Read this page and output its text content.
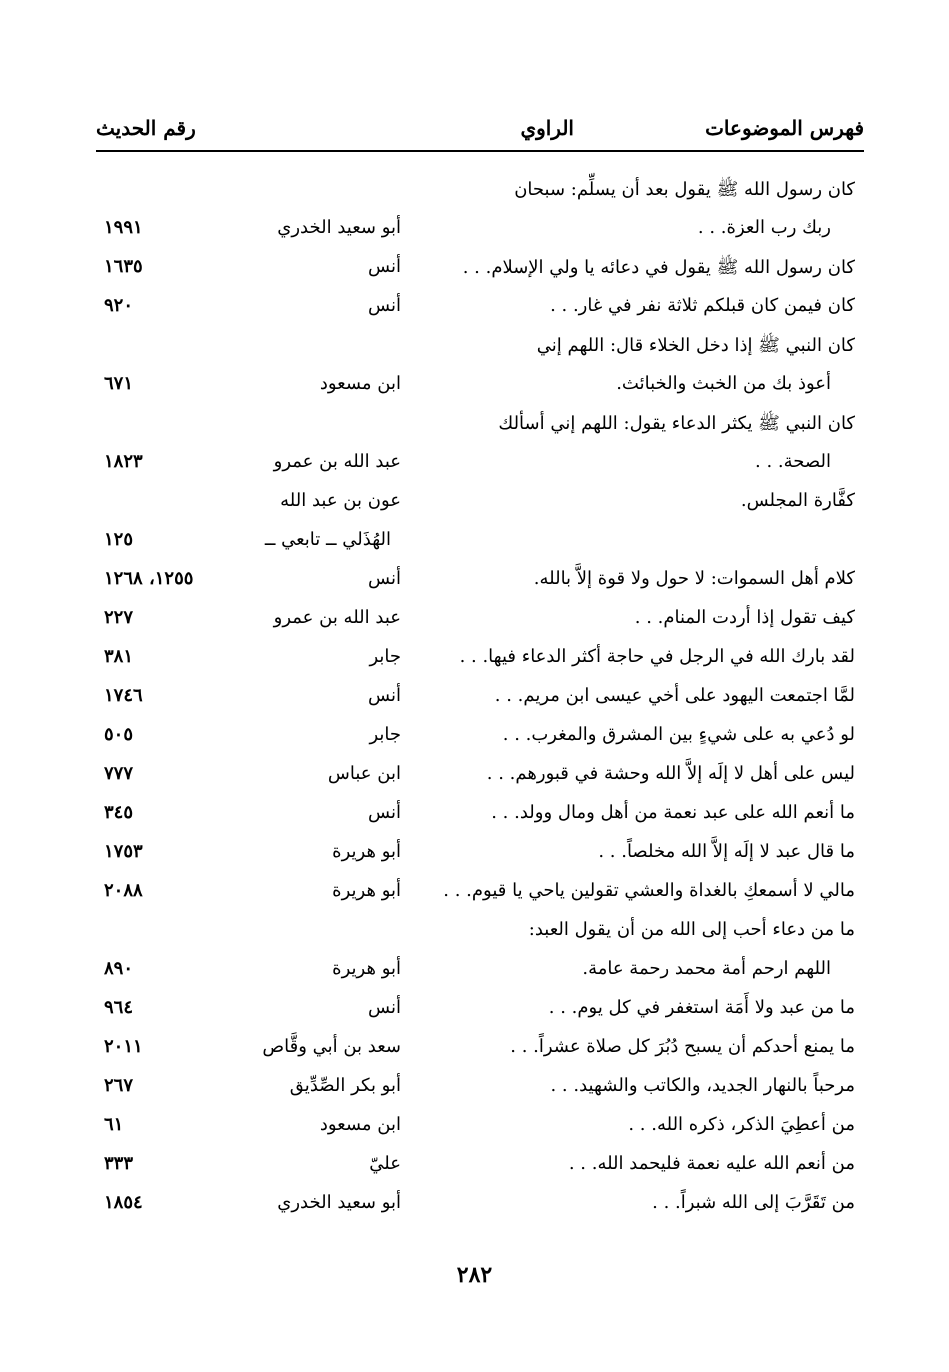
فهرس الموضوعات
الراوي
رقم الحديث
كان رسول الله ﷺ يقول بعد أن يسلِّم: سبحان
ربك رب العزة. . .
أبو سعيد الخدري
١٩٩١
كان رسول الله ﷺ يقول في دعائه يا ولي الإسلام. . .
أنس
١٦٣٥
كان فيمن كان قبلكم ثلاثة نفر في غار. . .
أنس
٩٢٠
كان النبي ﷺ إذا دخل الخلاء قال: اللهم إني
أعوذ بك من الخبث والخبائث.
ابن مسعود
٦٧١
كان النبي ﷺ يكثر الدعاء يقول: اللهم إني أسألك
الصحة. . .
عبد الله بن عمرو
١٨٢٣
كفَّارة المجلس.
عون بن عبد الله
الهُذَلي ــ تابعي ــ
١٢٥
كلام أهل السموات: لا حول ولا قوة إلاَّ بالله.
أنس
١٢٥٥، ١٢٦٨
كيف تقول إذا أردت المنام. . .
عبد الله بن عمرو
٢٢٧
لقد بارك الله في الرجل في حاجة أكثر الدعاء فيها. . .
جابر
٣٨١
لمَّا اجتمعت اليهود على أخي عيسى ابن مريم. . .
أنس
١٧٤٦
لو دُعي به على شيءٍ بين المشرق والمغرب. . .
جابر
٥٠٥
ليس على أهل لا إلَه إلاَّ الله وحشة في قبورهم. . .
ابن عباس
٧٧٧
ما أنعم الله على عبد نعمة من أهل ومال وولد. . .
أنس
٣٤٥
ما قال عبد لا إلَه إلاَّ الله مخلصاً. . .
أبو هريرة
١٧٥٣
مالي لا أسمعكِ بالغداة والعشي تقولين ياحي يا قيوم. . .
أبو هريرة
٢٠٨٨
ما من دعاء أحب إلى الله من أن يقول العبد:
اللهم ارحم أمة محمد رحمة عامة.
أبو هريرة
٨٩٠
ما من عبد ولا أَمَة استغفر في كل يوم. . .
أنس
٩٦٤
ما يمنع أحدكم أن يسبح دُبُرَ كل صلاة عشراً. . .
سعد بن أبي وقَّاص
٢٠١١
مرحباً بالنهار الجديد، والكاتب والشهيد. . .
أبو بكر الصِّدِّيق
٢٦٧
من أعطِيَ الذكر، ذكره الله. . .
ابن مسعود
٦١
من أنعم الله عليه نعمة فليحمد الله. . .
عليّ
٣٣٣
من تَقَرَّبَ إلى الله شبراً. . .
أبو سعيد الخدري
١٨٥٤
٢٨٢
